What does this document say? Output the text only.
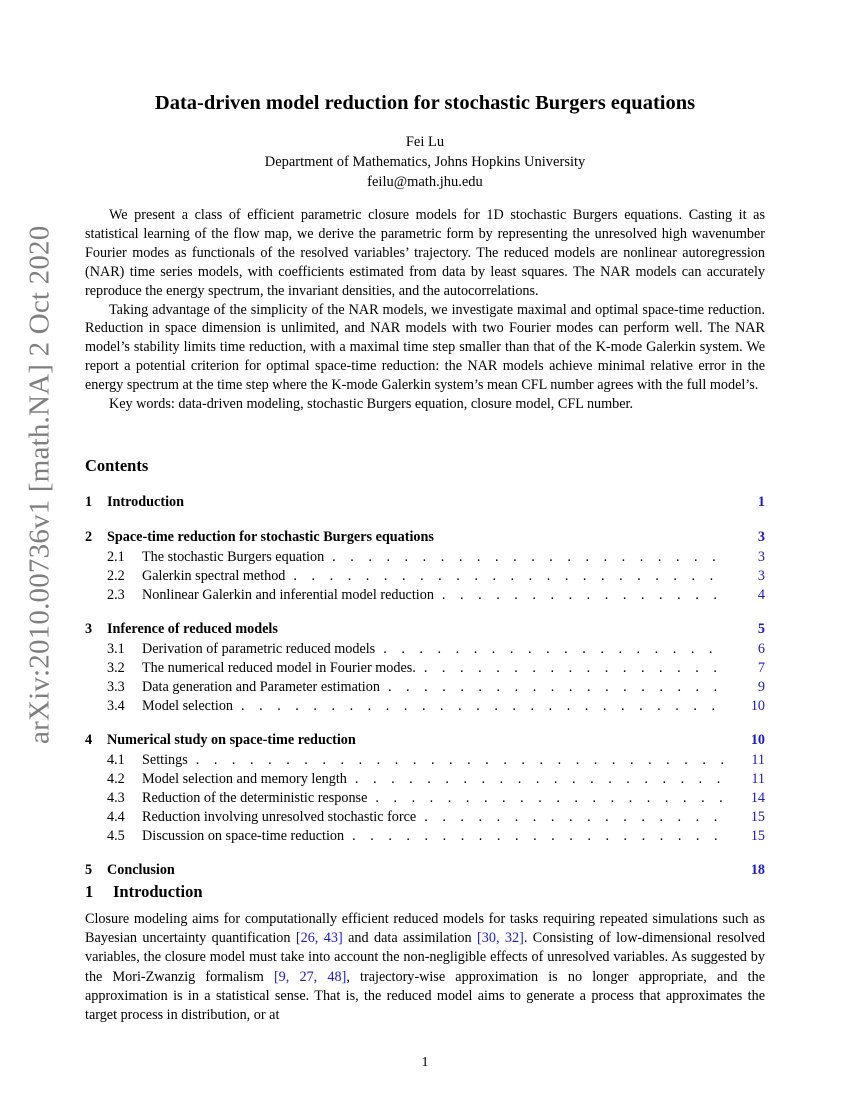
arXiv:2010.00736v1 [math.NA] 2 Oct 2020
Data-driven model reduction for stochastic Burgers equations
Fei Lu
Department of Mathematics, Johns Hopkins University
feilu@math.jhu.edu

We present a class of efficient parametric closure models for 1D stochastic Burgers equations. Casting it as statistical learning of the flow map, we derive the parametric form by representing the unresolved high wavenumber Fourier modes as functionals of the resolved variables’ trajectory. The reduced models are nonlinear autoregression (NAR) time series models, with coefficients estimated from data by least squares. The NAR models can accurately reproduce the energy spectrum, the invariant densities, and the autocorrelations.

Taking advantage of the simplicity of the NAR models, we investigate maximal and optimal space-time reduction. Reduction in space dimension is unlimited, and NAR models with two Fourier modes can perform well. The NAR model’s stability limits time reduction, with a maximal time step smaller than that of the K-mode Galerkin system. We report a potential criterion for optimal space-time reduction: the NAR models achieve minimal relative error in the energy spectrum at the time step where the K-mode Galerkin system’s mean CFL number agrees with the full model’s.

Key words: data-driven modeling, stochastic Burgers equation, closure model, CFL number.

Contents
1	Introduction	1
2	Space-time reduction for stochastic Burgers equations	3
2.1	The stochastic Burgers equation . . .	3
2.2	Galerkin spectral method . . .	3
2.3	Nonlinear Galerkin and inferential model reduction . . .	4
3	Inference of reduced models	5
3.1	Derivation of parametric reduced models . . .	6
3.2	The numerical reduced model in Fourier modes. . . .	7
3.3	Data generation and Parameter estimation . . .	9
3.4	Model selection . . .	10
4	Numerical study on space-time reduction	10
4.1	Settings . . .	11
4.2	Model selection and memory length . . .	11
4.3	Reduction of the deterministic response . . .	14
4.4	Reduction involving unresolved stochastic force . . .	15
4.5	Discussion on space-time reduction . . .	15
5	Conclusion	18
1 Introduction

Closure modeling aims for computationally efficient reduced models for tasks requiring repeated simulations such as Bayesian uncertainty quantification [26, 43] and data assimilation [30, 32]. Consisting of low-dimensional resolved variables, the closure model must take into account the non-negligible effects of unresolved variables. As suggested by the Mori-Zwanzig formalism [9, 27, 48], trajectory-wise approximation is no longer appropriate, and the approximation is in a statistical sense. That is, the reduced model aims to generate a process that approximates the target process in distribution, or at

1
